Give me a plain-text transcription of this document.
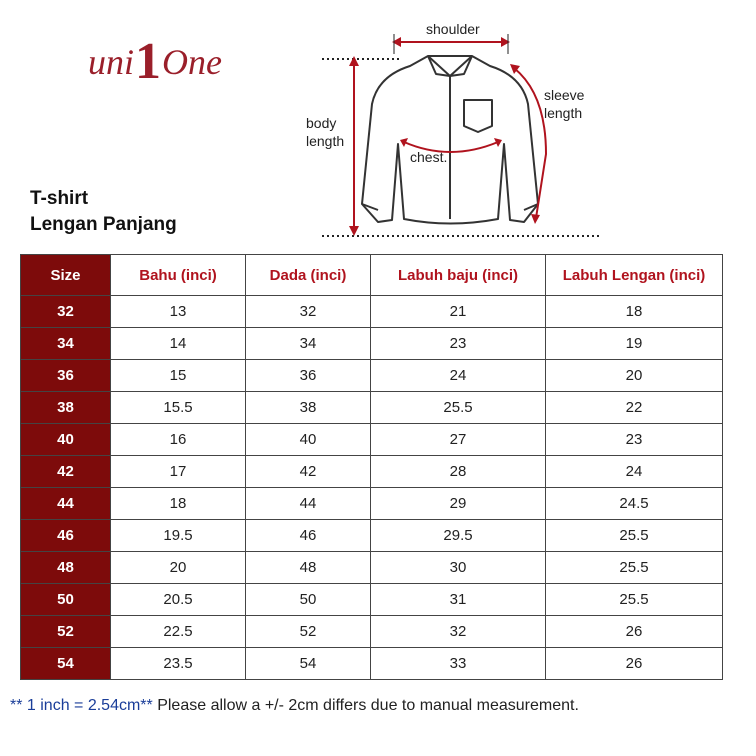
uni1One
shoulder
sleeve
length
body
length
chest.
T-shirt
Lengan Panjang
Size	Bahu (inci)	Dada (inci)	Labuh baju (inci)	Labuh Lengan (inci)
32	13	32	21	18
34	14	34	23	19
36	15	36	24	20
38	15.5	38	25.5	22
40	16	40	27	23
42	17	42	28	24
44	18	44	29	24.5
46	19.5	46	29.5	25.5
48	20	48	30	25.5
50	20.5	50	31	25.5
52	22.5	52	32	26
54	23.5	54	33	26
** 1 inch = 2.54cm** Please allow a +/- 2cm differs due to manual measurement.
